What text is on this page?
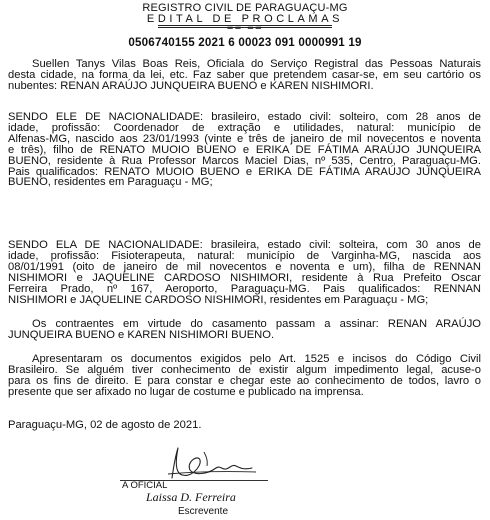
REGISTRO CIVIL DE PARAGUAÇU-MG
EDITAL DE PROCLAMAS
== ==
0506740155 2021 6 00023 091 0000991 19
Suellen Tanys Vilas Boas Reis, Oficiala do Serviço Registral das Pessoas Naturais
desta cidade, na forma da lei, etc. Faz saber que pretendem casar-se, em seu cartório os
nubentes: RENAN ARAÚJO JUNQUEIRA BUENO e KAREN NISHIMORI.
SENDO ELE DE NACIONALIDADE: brasileiro, estado civil: solteiro, com 28 anos de
idade, profissão: Coordenador de extração e utilidades, natural: município de
Alfenas-MG, nascido aos 23/01/1993 (vinte e três de janeiro de mil novecentos e noventa
e três), filho de RENATO MUOIO BUENO e ERIKA DE FÁTIMA ARAÚJO JUNQUEIRA
BUENO, residente à Rua Professor Marcos Maciel Dias, nº 535, Centro, Paraguaçu-MG.
Pais qualificados: RENATO MUOIO BUENO e ERIKA DE FÁTIMA ARAÚJO JUNQUEIRA
BUENO, residentes em Paraguaçu - MG;
SENDO ELA DE NACIONALIDADE: brasileira, estado civil: solteira, com 30 anos de
idade, profissão: Fisioterapeuta, natural: município de Varginha-MG, nascida aos
08/01/1991 (oito de janeiro de mil novecentos e noventa e um), filha de RENNAN
NISHIMORI e JAQUELINE CARDOSO NISHIMORI, residente à Rua Prefeito Oscar
Ferreira Prado, nº 167, Aeroporto, Paraguaçu-MG. Pais qualificados: RENNAN
NISHIMORI e JAQUELINE CARDOSO NISHIMORI, residentes em Paraguaçu - MG;
Os contraentes em virtude do casamento passam a assinar: RENAN ARAÚJO
JUNQUEIRA BUENO e KAREN NISHIMORI BUENO.
Apresentaram os documentos exigidos pelo Art. 1525 e incisos do Código Civil
Brasileiro. Se alguém tiver conhecimento de existir algum impedimento legal, acuse-o
para os fins de direito. E para constar e chegar este ao conhecimento de todos, lavro o
presente que ser afixado no lugar de costume e publicado na imprensa.
Paraguaçu-MG, 02 de agosto de 2021.
A OFICIAL
Laissa D. Ferreira
Escrevente
